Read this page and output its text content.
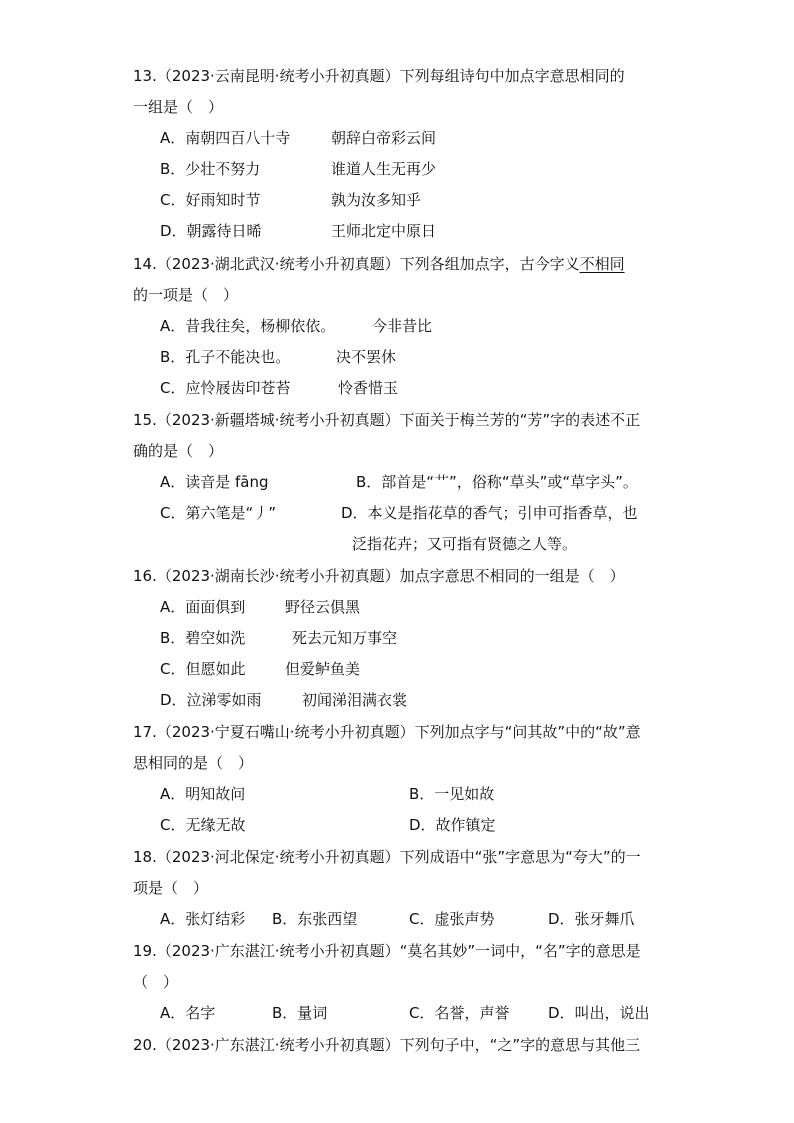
13.（2023·云南昆明·统考小升初真题）下列每组诗句中加点字意思相同的
一组是（　）
A．南朝四百八十寺	朝辞白帝彩云间
B．少壮不努力	谁道人生无再少
C．好雨知时节	孰为汝多知乎
D．朝露待日晞	王师北定中原日
14.（2023·湖北武汉·统考小升初真题）下列各组加点字，古今字义不相同
的一项是（　）
A．昔我往矣，杨柳依依。 今非昔比
B．孔子不能决也。	决不罢休
C．应怜屐齿印苍苔	怜香惜玉
15.（2023·新疆塔城·统考小升初真题）下面关于梅兰芳的“芳”字的表述不正
确的是（　）
A．读音是 fāng	B．部首是“艹”，俗称“草头”或“草字头”。
C．第六笔是“丿”	D．本义是指花草的香气；引申可指香草，也
泛指花卉；又可指有贤德之人等。
16.（2023·湖南长沙·统考小升初真题）加点字意思不相同的一组是（　）
A．面面俱到	野径云俱黑
B．碧空如洗	死去元知万事空
C．但愿如此	但爱鲈鱼美
D．泣涕零如雨	初闻涕泪满衣裳
17.（2023·宁夏石嘴山·统考小升初真题）下列加点字与“问其故”中的“故”意
思相同的是（　）
A．明知故问	B．一见如故
C．无缘无故	D．故作镇定
18.（2023·河北保定·统考小升初真题）下列成语中“张”字意思为“夸大”的一
项是（　）
A．张灯结彩 B．东张西望	C．虚张声势	D．张牙舞爪
19.（2023·广东湛江·统考小升初真题）“莫名其妙”一词中，“名”字的意思是
（　）
A．名字	B．量词	C．名誉，声誉	D．叫出，说出
20.（2023·广东湛江·统考小升初真题）下列句子中，“之”字的意思与其他三
